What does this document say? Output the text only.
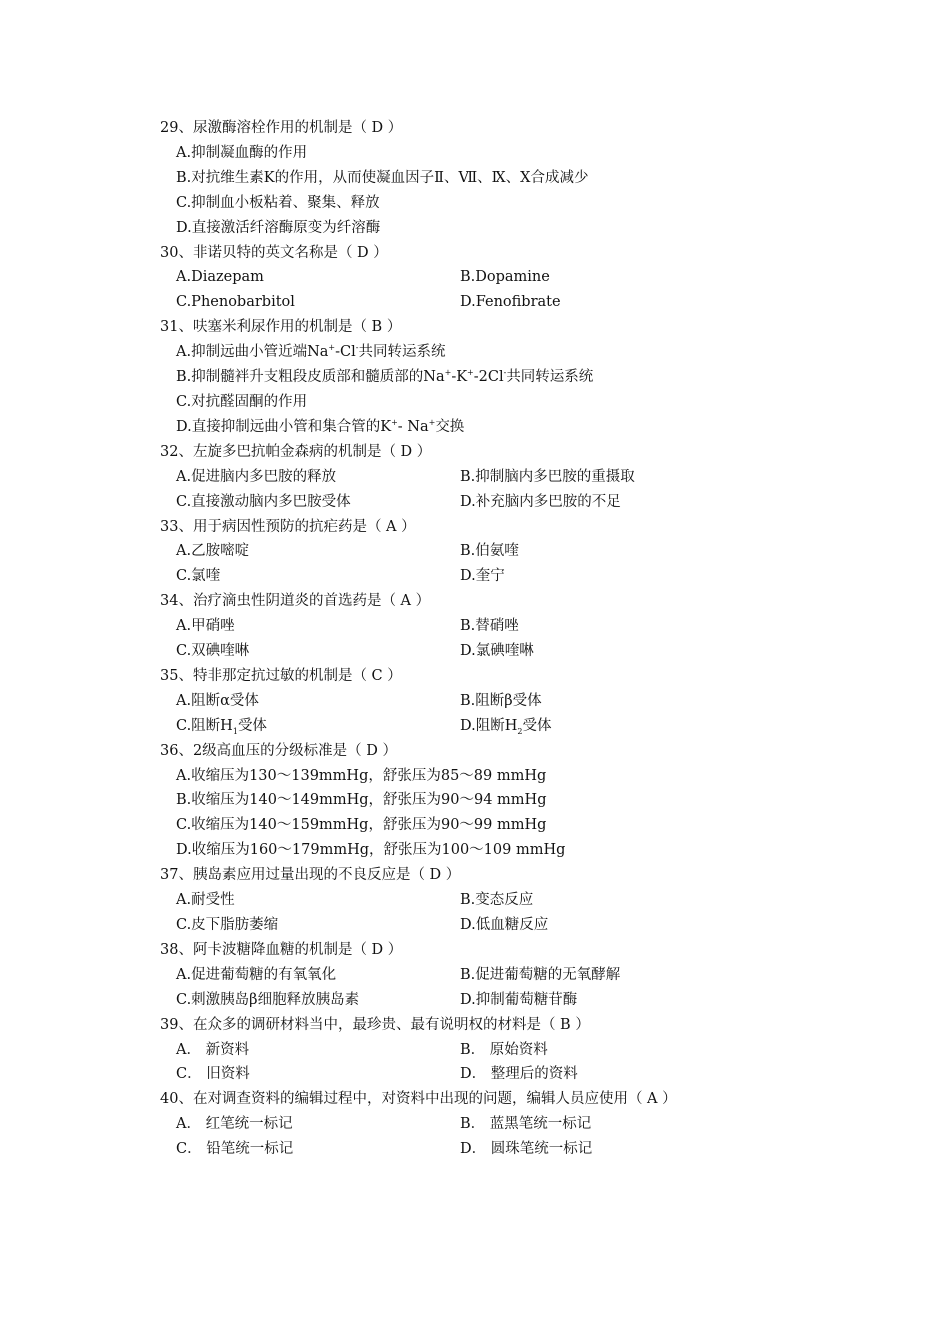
29、尿激酶溶栓作用的机制是（ D ）
A.抑制凝血酶的作用
B.对抗维生素K的作用，从而使凝血因子Ⅱ、Ⅶ、Ⅸ、Ⅹ合成减少
C.抑制血小板粘着、聚集、释放
D.直接激活纤溶酶原变为纤溶酶
30、非诺贝特的英文名称是（ D ）
A.Diazepam	B.Dopamine
C.Phenobarbitol	D.Fenofibrate
31、呋塞米利尿作用的机制是（ B ）
A.抑制远曲小管近端Na+-Cl-共同转运系统
B.抑制髓袢升支粗段皮质部和髓质部的Na+-K+-2Cl-共同转运系统
C.对抗醛固酮的作用
D.直接抑制远曲小管和集合管的K+- Na+交换
32、左旋多巴抗帕金森病的机制是（ D ）
A.促进脑内多巴胺的释放	B.抑制脑内多巴胺的重摄取
C.直接激动脑内多巴胺受体	D.补充脑内多巴胺的不足
33、用于病因性预防的抗疟药是（ A ）
A.乙胺嘧啶	B.伯氨喹
C.氯喹	D.奎宁
34、治疗滴虫性阴道炎的首选药是（ A ）
A.甲硝唑	B.替硝唑
C.双碘喹啉	D.氯碘喹啉
35、特非那定抗过敏的机制是（ C ）
A.阻断α受体	B.阻断β受体
C.阻断$H_1$受体	D.阻断$H_2$受体
36、2级高血压的分级标准是（ D ）
A.收缩压为130～139mmHg，舒张压为85～89 mmHg
B.收缩压为140～149mmHg，舒张压为90～94 mmHg
C.收缩压为140～159mmHg，舒张压为90～99 mmHg
D.收缩压为160～179mmHg，舒张压为100～109 mmHg
37、胰岛素应用过量出现的不良反应是（ D ）
A.耐受性	B.变态反应
C.皮下脂肪萎缩	D.低血糖反应
38、阿卡波糖降血糖的机制是（ D ）
A.促进葡萄糖的有氧氧化	B.促进葡萄糖的无氧酵解
C.刺激胰岛β细胞释放胰岛素	D.抑制葡萄糖苷酶
39、在众多的调研材料当中，最珍贵、最有说明权的材料是（ B ）
A． 新资料	B． 原始资料
C． 旧资料	D． 整理后的资料
40、在对调查资料的编辑过程中，对资料中出现的问题，编辑人员应使用（ A ）
A． 红笔统一标记	B． 蓝黑笔统一标记
C． 铅笔统一标记	D． 圆珠笔统一标记
